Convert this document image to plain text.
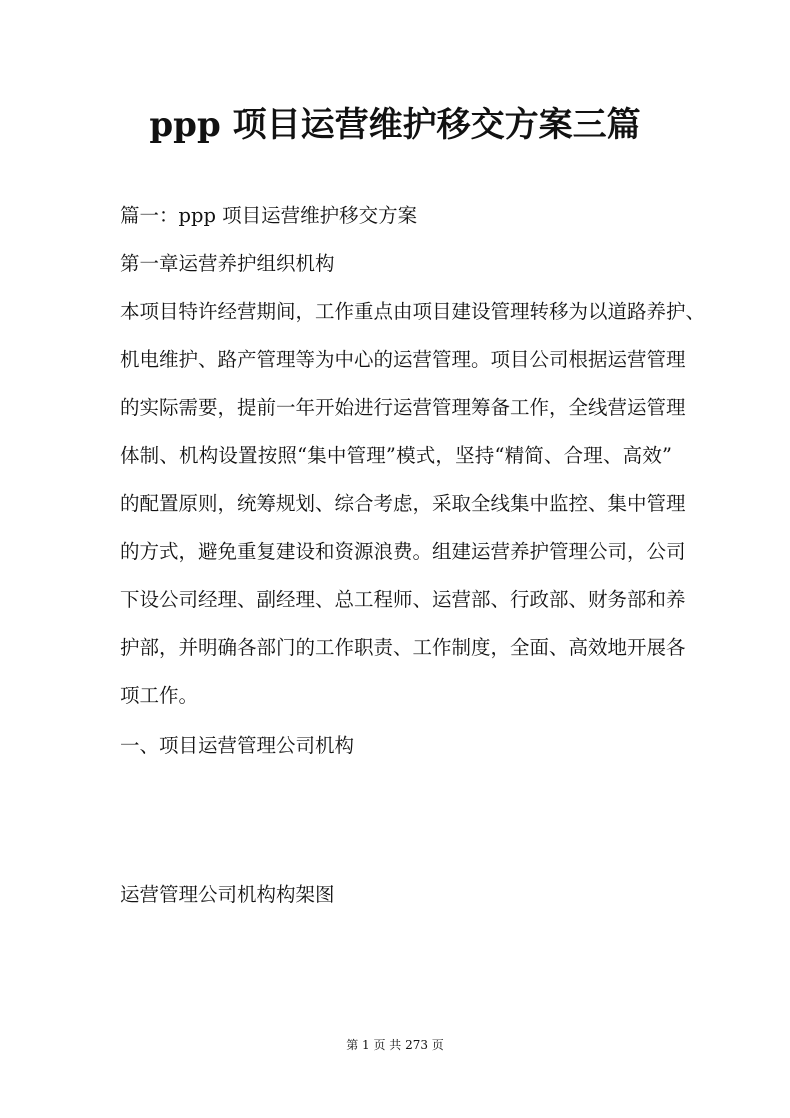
ppp 项目运营维护移交方案三篇
篇一：ppp 项目运营维护移交方案
第一章运营养护组织机构
本项目特许经营期间，工作重点由项目建设管理转移为以道路养护、
机电维护、路产管理等为中心的运营管理。项目公司根据运营管理
的实际需要，提前一年开始进行运营管理筹备工作，全线营运管理
体制、机构设置按照“集中管理”模式，坚持“精简、合理、高效”
的配置原则，统筹规划、综合考虑，采取全线集中监控、集中管理
的方式，避免重复建设和资源浪费。组建运营养护管理公司，公司
下设公司经理、副经理、总工程师、运营部、行政部、财务部和养
护部，并明确各部门的工作职责、工作制度，全面、高效地开展各
项工作。
一、项目运营管理公司机构
运营管理公司机构构架图
第 1 页 共 273 页
